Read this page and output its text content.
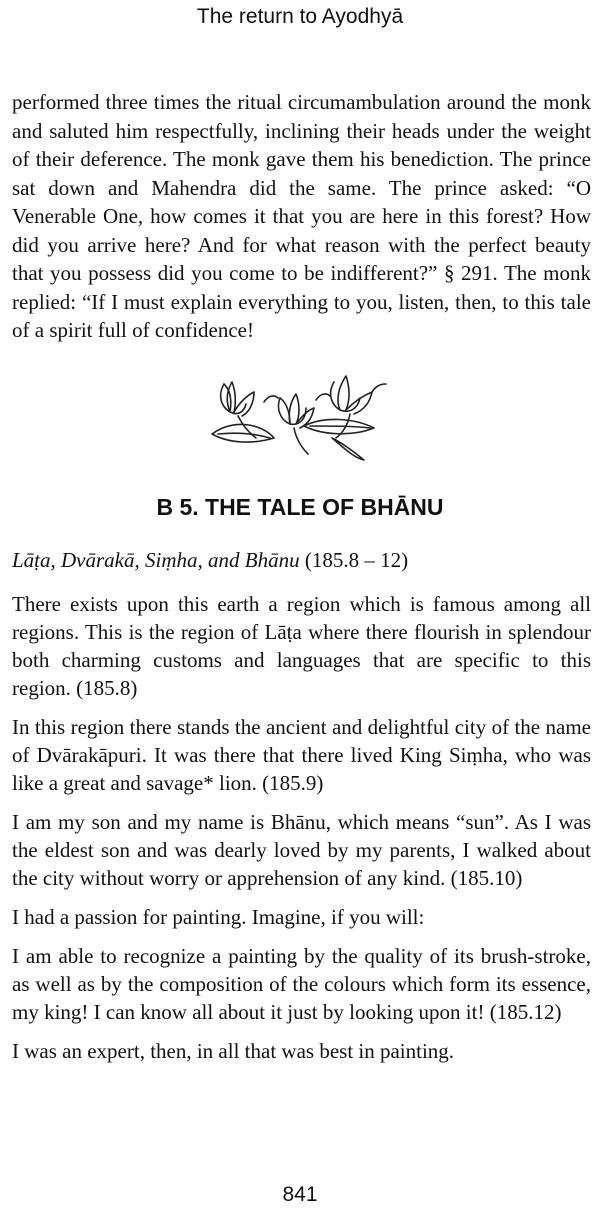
The return to Ayodhyā

performed three times the ritual circumambulation around the monk and saluted him respectfully, inclining their heads under the weight of their deference. The monk gave them his benediction. The prince sat down and Mahendra did the same. The prince asked: “O Venerable One, how comes it that you are here in this forest? How did you arrive here? And for what reason with the perfect beauty that you possess did you come to be indifferent?” § 291. The monk replied: “If I must explain everything to you, listen, then, to this tale of a spirit full of confidence!

B 5. THE TALE OF BHĀNU
Lāṭa, Dvārakā, Siṃha, and Bhānu (185.8 – 12)

There exists upon this earth a region which is famous among all regions. This is the region of Lāṭa where there flourish in splendour both charming customs and languages that are specific to this region. (185.8)

In this region there stands the ancient and delightful city of the name of Dvārakāpuri. It was there that there lived King Siṃha, who was like a great and savage* lion. (185.9)

I am my son and my name is Bhānu, which means “sun”. As I was the eldest son and was dearly loved by my parents, I walked about the city without worry or apprehension of any kind. (185.10)

I had a passion for painting. Imagine, if you will:

I am able to recognize a painting by the quality of its brush-stroke, as well as by the composition of the colours which form its essence, my king! I can know all about it just by looking upon it! (185.12)

I was an expert, then, in all that was best in painting.

841
